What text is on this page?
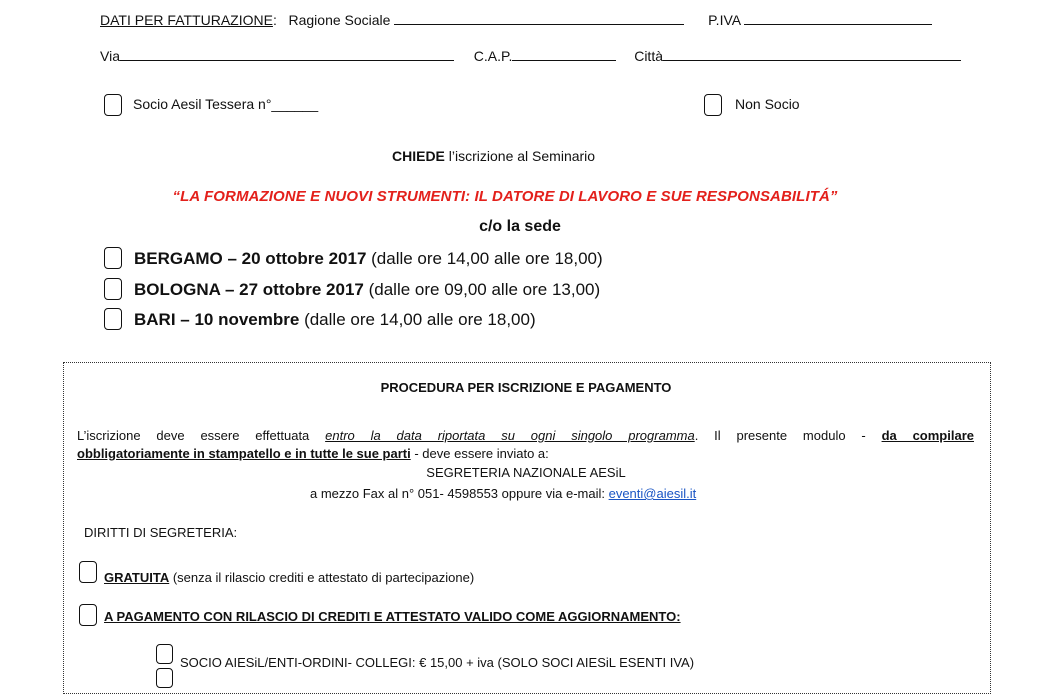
DATI PER FATTURAZIONE: Ragione Sociale	P.IVA
Via	C.A.P.	Città
Socio Aesil Tessera n°______	Non Socio
CHIEDE l’iscrizione al Seminario
“LA FORMAZIONE E NUOVI STRUMENTI: IL DATORE DI LAVORO E SUE RESPONSABILITÁ”
c/o la sede
BERGAMO – 20 ottobre 2017 (dalle ore 14,00 alle ore 18,00)
BOLOGNA – 27 ottobre 2017 (dalle ore 09,00 alle ore 13,00)
BARI – 10 novembre (dalle ore 14,00 alle ore 18,00)
PROCEDURA PER ISCRIZIONE E PAGAMENTO
L’iscrizione deve essere effettuata entro la data riportata su ogni singolo programma. Il presente modulo - da compilare
obbligatoriamente in stampatello e in tutte le sue parti - deve essere inviato a:
SEGRETERIA NAZIONALE AESiL
a mezzo Fax al n° 051- 4598553 oppure via e-mail: eventi@aiesil.it
DIRITTI DI SEGRETERIA:
GRATUITA (senza il rilascio crediti e attestato di partecipazione)
A PAGAMENTO CON RILASCIO DI CREDITI E ATTESTATO VALIDO COME AGGIORNAMENTO:
SOCIO AIESiL/ENTI-ORDINI- COLLEGI: € 15,00 + iva (SOLO SOCI AIESiL ESENTI IVA)
